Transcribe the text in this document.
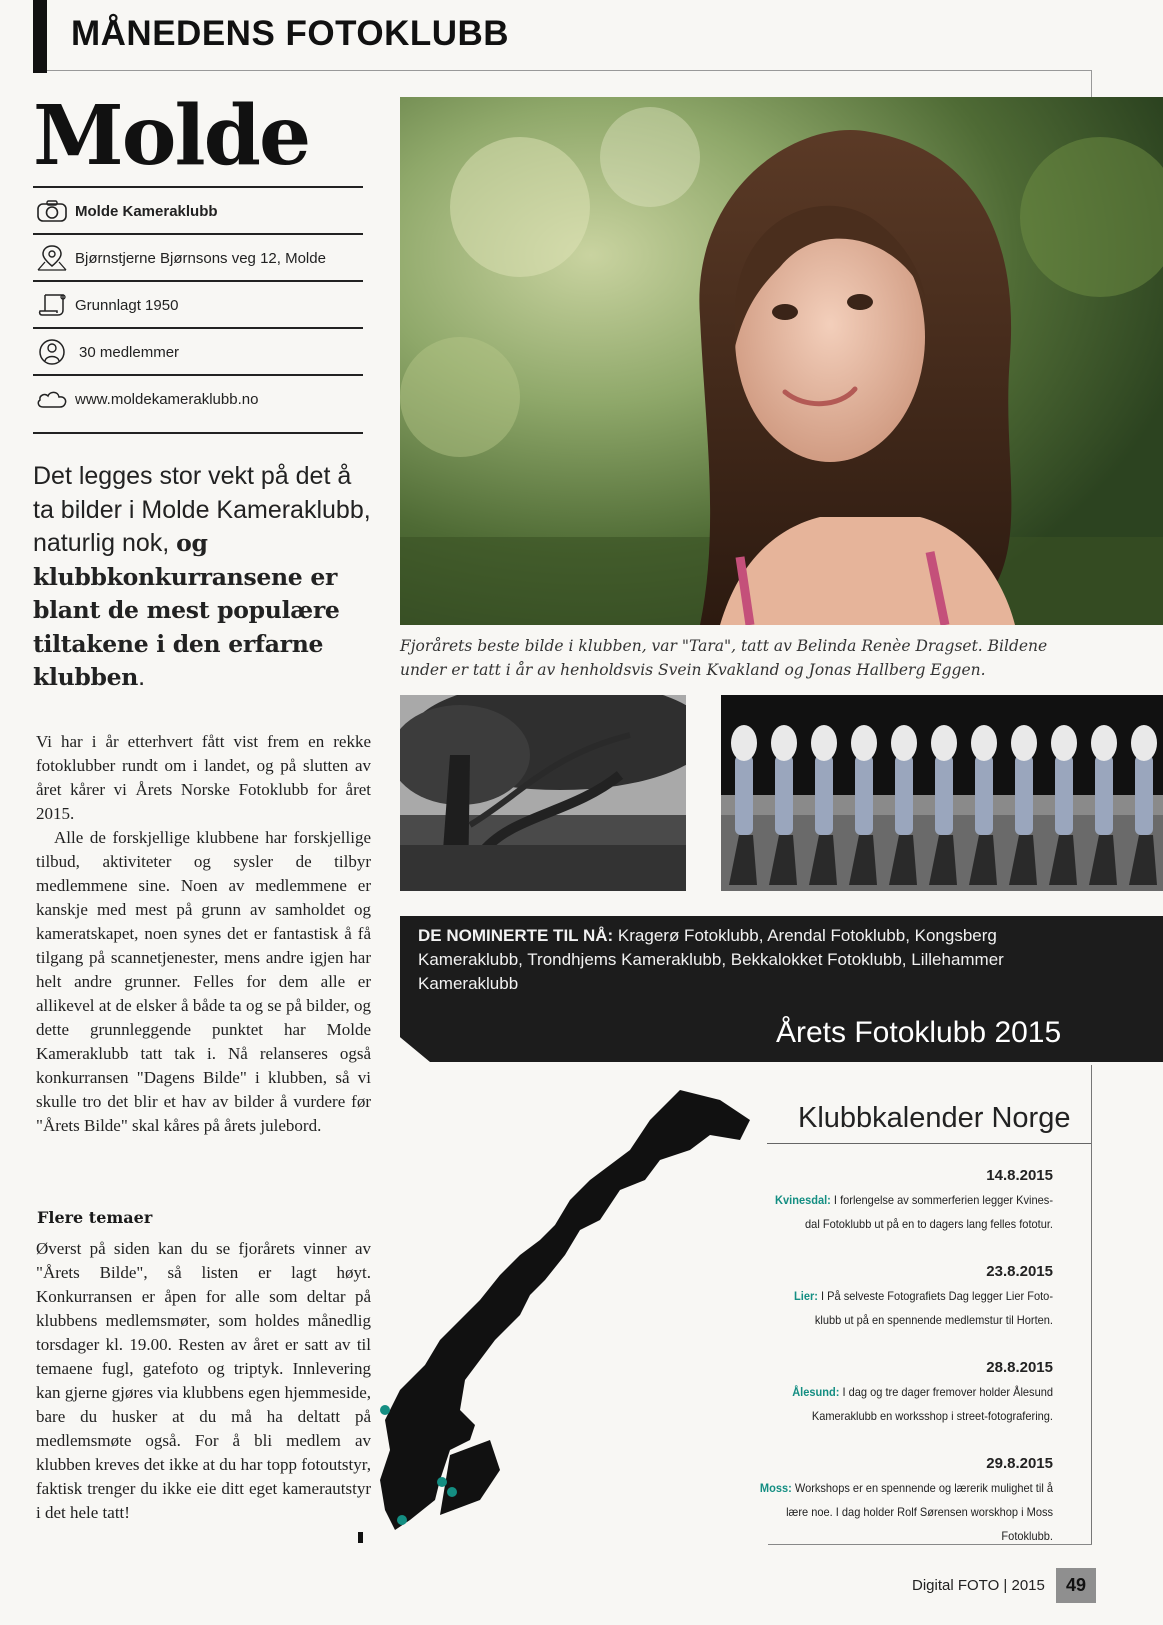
MÅNEDENS FOTOKLUBB
Molde
Molde Kameraklubb
Bjørnstjerne Bjørnsons veg 12, Molde
Grunnlagt 1950
30 medlemmer
www.moldekameraklubb.no
Det legges stor vekt på det å ta bilder i Molde Kameraklubb, naturlig nok, og klubbkonkurransene er blant de mest populære tiltakene i den erfarne klubben.

Vi har i år etterhvert fått vist frem en rekke fotoklubber rundt om i landet, og på slutten av året kårer vi Årets Norske Fotoklubb for året 2015.

Alle de forskjellige klubbene har forskjellige tilbud, aktiviteter og sysler de tilbyr medlemmene sine. Noen av medlemmene er kanskje med mest på grunn av samholdet og kameratskapet, noen synes det er fantastisk å få tilgang på scannetjenester, mens andre igjen har helt andre grunner. Felles for dem alle er allikevel at de elsker å både ta og se på bilder, og dette grunnleggende punktet har Molde Kameraklubb tatt tak i. Nå relanseres også konkurransen "Dagens Bilde" i klubben, så vi skulle tro det blir et hav av bilder å vurdere før "Årets Bilde" skal kåres på årets julebord.

Flere temaer

Øverst på siden kan du se fjorårets vinner av "Årets Bilde", så listen er lagt høyt. Konkurransen er åpen for alle som deltar på klubbens medlemsmøter, som holdes månedlig torsdager kl. 19.00. Resten av året er satt av til temaene fugl, gatefoto og triptyk. Innlevering kan gjerne gjøres via klubbens egen hjemmeside, bare du husker at du må ha deltatt på medlemsmøte også. For å bli medlem av klubben kreves det ikke at du har topp fotoutstyr, faktisk trenger du ikke eie ditt eget kamerautstyr i det hele tatt!

Fjorårets beste bilde i klubben, var "Tara", tatt av Belinda Renèe Dragset. Bildene under er tatt i år av henholdsvis Svein Kvakland og Jonas Hallberg Eggen.
DE NOMINERTE TIL NÅ: Kragerø Fotoklubb, Arendal Fotoklubb, Kongsberg Kameraklubb, Trondhjems Kameraklubb, Bekkalokket Fotoklubb, Lillehammer Kameraklubb
Årets Fotoklubb 2015
Klubbkalender Norge
14.8.2015
Kvinesdal: I forlengelse av sommerferien legger Kvines-
dal Fotoklubb ut på en to dagers lang felles fototur.
23.8.2015
Lier: I På selveste Fotografiets Dag legger Lier Foto-
klubb ut på en spennende medlemstur til Horten.
28.8.2015
Ålesund: I dag og tre dager fremover holder Ålesund
Kameraklubb en worksshop i street-fotografering.
29.8.2015
Moss: Workshops er en spennende og lærerik mulighet til å
lære noe. I dag holder Rolf Sørensen worskhop i Moss Fotoklubb.
Digital FOTO | 2015	49
